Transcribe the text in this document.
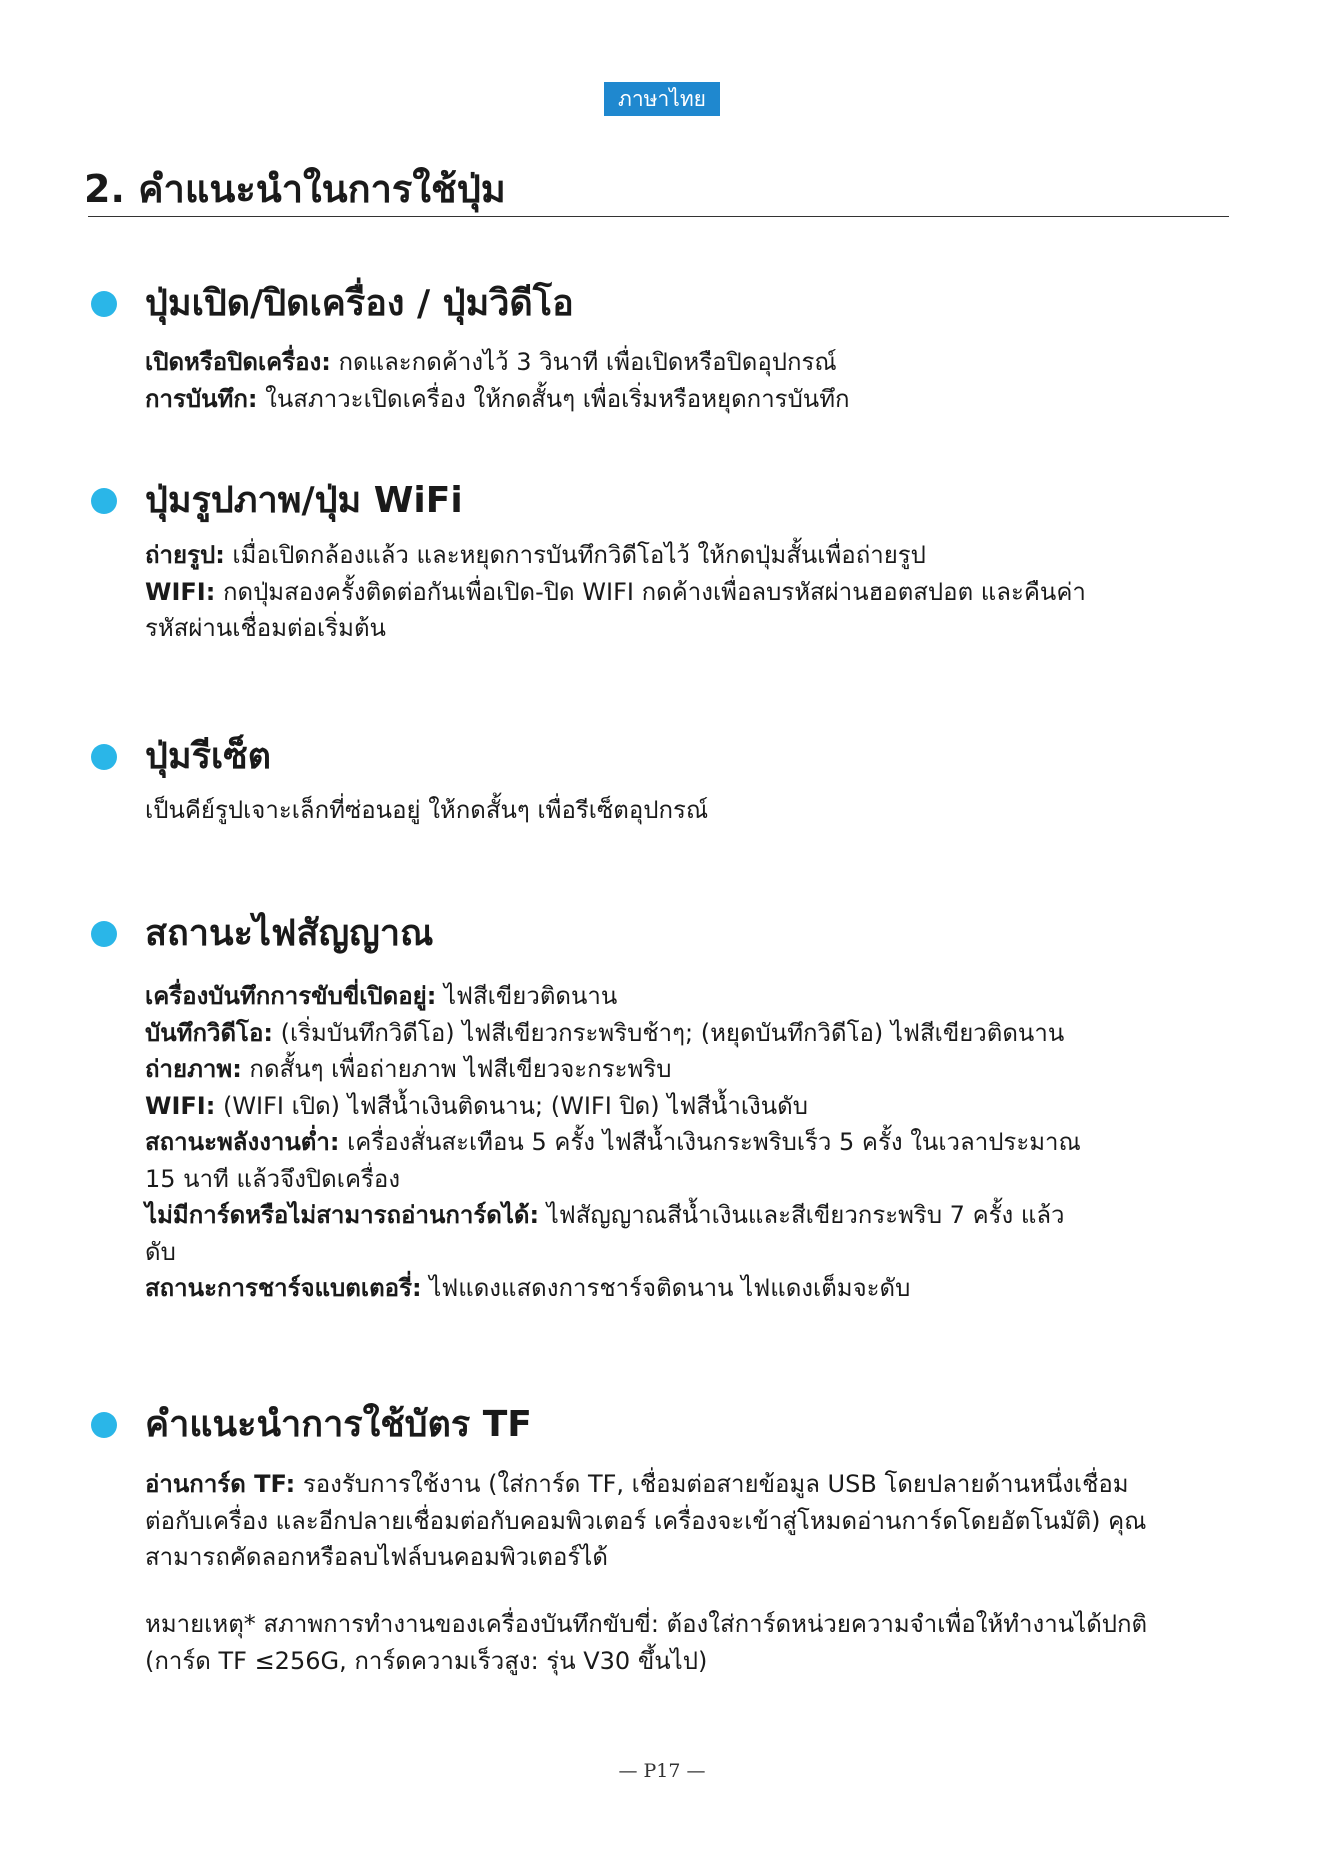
ภาษาไทย
2. คำแนะนำในการใช้ปุ่ม
ปุ่มเปิด/ปิดเครื่อง / ปุ่มวิดีโอ
เปิดหรือปิดเครื่อง: กดและกดค้างไว้ 3 วินาที เพื่อเปิดหรือปิดอุปกรณ์
การบันทึก: ในสภาวะเปิดเครื่อง ให้กดสั้นๆ เพื่อเริ่มหรือหยุดการบันทึก
ปุ่มรูปภาพ/ปุ่ม WiFi
ถ่ายรูป: เมื่อเปิดกล้องแล้ว และหยุดการบันทึกวิดีโอไว้ ให้กดปุ่มสั้นเพื่อถ่ายรูป
WIFI: กดปุ่มสองครั้งติดต่อกันเพื่อเปิด-ปิด WIFI กดค้างเพื่อลบรหัสผ่านฮอตสปอต และคืนค่า
รหัสผ่านเชื่อมต่อเริ่มต้น
ปุ่มรีเซ็ต
เป็นคีย์รูปเจาะเล็กที่ซ่อนอยู่ ให้กดสั้นๆ เพื่อรีเซ็ตอุปกรณ์
สถานะไฟสัญญาณ
เครื่องบันทึกการขับขี่เปิดอยู่: ไฟสีเขียวติดนาน
บันทึกวิดีโอ: (เริ่มบันทึกวิดีโอ) ไฟสีเขียวกระพริบช้าๆ; (หยุดบันทึกวิดีโอ) ไฟสีเขียวติดนาน
ถ่ายภาพ: กดสั้นๆ เพื่อถ่ายภาพ ไฟสีเขียวจะกระพริบ
WIFI: (WIFI เปิด) ไฟสีน้ำเงินติดนาน; (WIFI ปิด) ไฟสีน้ำเงินดับ
สถานะพลังงานต่ำ: เครื่องสั่นสะเทือน 5 ครั้ง ไฟสีน้ำเงินกระพริบเร็ว 5 ครั้ง ในเวลาประมาณ
15 นาที แล้วจึงปิดเครื่อง
ไม่มีการ์ดหรือไม่สามารถอ่านการ์ดได้: ไฟสัญญาณสีน้ำเงินและสีเขียวกระพริบ 7 ครั้ง แล้ว
ดับ
สถานะการชาร์จแบตเตอรี่: ไฟแดงแสดงการชาร์จติดนาน ไฟแดงเต็มจะดับ
คำแนะนำการใช้บัตร TF
อ่านการ์ด TF: รองรับการใช้งาน (ใส่การ์ด TF, เชื่อมต่อสายข้อมูล USB โดยปลายด้านหนึ่งเชื่อม
ต่อกับเครื่อง และอีกปลายเชื่อมต่อกับคอมพิวเตอร์ เครื่องจะเข้าสู่โหมดอ่านการ์ดโดยอัตโนมัติ) คุณ
สามารถคัดลอกหรือลบไฟล์บนคอมพิวเตอร์ได้
หมายเหตุ* สภาพการทำงานของเครื่องบันทึกขับขี่: ต้องใส่การ์ดหน่วยความจำเพื่อให้ทำงานได้ปกติ
(การ์ด TF ≤256G, การ์ดความเร็วสูง: รุ่น V30 ขึ้นไป)
— P17 —
